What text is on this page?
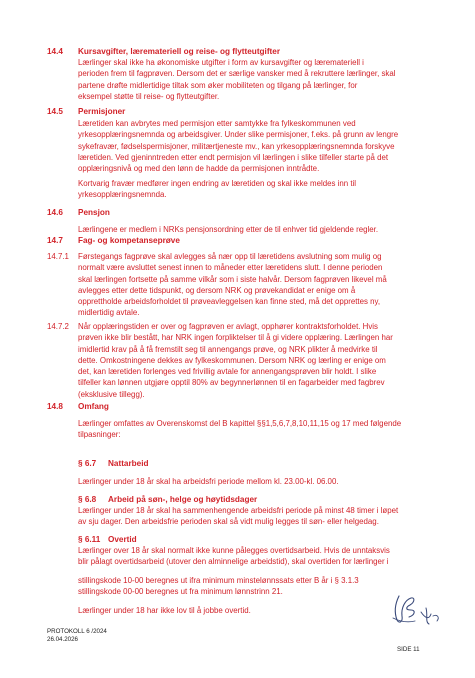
14.4 Kursavgifter, læremateriell og reise- og flytteutgifter
Lærlinger skal ikke ha økonomiske utgifter i form av kursavgifter og læremateriell i
perioden frem til fagprøven. Dersom det er særlige vansker med å rekruttere lærlinger, skal
partene drøfte midlertidige tiltak som øker mobiliteten og tilgang på lærlinger, for
eksempel støtte til reise- og flytteutgifter.
14.5 Permisjoner
Læretiden kan avbrytes med permisjon etter samtykke fra fylkeskommunen ved
yrkesopplæringsnemnda og arbeidsgiver. Under slike permisjoner, f.eks. på grunn av lengre
sykefravær, fødselspermisjoner, militærtjeneste mv., kan yrkesopplæringsnemnda forskyve
læretiden. Ved gjeninntreden etter endt permisjon vil lærlingen i slike tilfeller starte på det
opplæringsnivå og med den lønn de hadde da permisjonen inntrådte.
Kortvarig fravær medfører ingen endring av læretiden og skal ikke meldes inn til
yrkesopplæringsnemnda.
14.6 Pensjon
Lærlingene er medlem i NRKs pensjonsordning etter de til enhver tid gjeldende regler.
14.7 Fag- og kompetanseprøve
14.7.1 Førstegangs fagprøve skal avlegges så nær opp til læretidens avslutning som mulig og
normalt være avsluttet senest innen to måneder etter læretidens slutt. I denne perioden
skal lærlingen fortsette på samme vilkår som i siste halvår. Dersom fagprøven likevel må
avlegges etter dette tidspunkt, og dersom NRK og prøvekandidat er enige om å
opprettholde arbeidsforholdet til prøveavleggelsen kan finne sted, må det opprettes ny,
midlertidig avtale.
14.7.2 Når opplæringstiden er over og fagprøven er avlagt, opphører kontraktsforholdet. Hvis
prøven ikke blir bestått, har NRK ingen forpliktelser til å gi videre opplæring. Lærlingen har
imidlertid krav på å få fremstilt seg til annengangs prøve, og NRK plikter å medvirke til
dette. Omkostningene dekkes av fylkeskommunen. Dersom NRK og lærling er enige om
det, kan læretiden forlenges ved frivillig avtale for annengangsprøven blir holdt. I slike
tilfeller kan lønnen utgjøre opptil 80% av begynnerlønnen til en fagarbeider med fagbrev
(eksklusive tillegg).
14.8 Omfang
Lærlinger omfattes av Overenskomst del B kapittel §§1,5,6,7,8,10,11,15 og 17 med følgende
tilpasninger:
§ 6.7 Nattarbeid
Lærlinger under 18 år skal ha arbeidsfri periode mellom kl. 23.00-kl. 06.00.
§ 6.8 Arbeid på søn-, helge og høytidsdager
Lærlinger under 18 år skal ha sammenhengende arbeidsfri periode på minst 48 timer i løpet
av sju dager. Den arbeidsfrie perioden skal så vidt mulig legges til søn- eller helgedag.
§ 6.11 Overtid
Lærlinger over 18 år skal normalt ikke kunne pålegges overtidsarbeid. Hvis de unntaksvis
blir pålagt overtidsarbeid (utover den alminnelige arbeidstid), skal overtiden for lærlinger i
stillingskode 10-00 beregnes ut ifra minimum minstelønnssats etter B år i § 3.1.3
stillingskode 00-00 beregnes ut fra minimum lønnstrinn 21.
Lærlinger under 18 har ikke lov til å jobbe overtid.
PROTOKOLL 6 /2024
26.04.2026
SIDE 11
